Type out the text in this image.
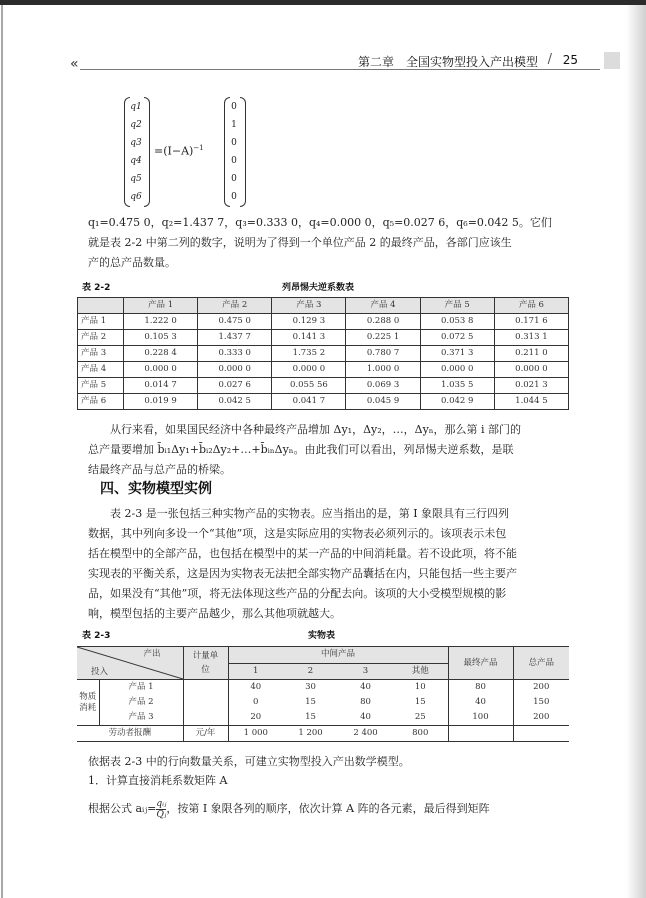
«	第二章　全国实物型投入产出模型 / 25
q1
q2
q3
q4
q5
q6
$=(I-A)^{-1}$
0
1
0
0
0
0
q₁=0.475 0，q₂=1.437 7，q₃=0.333 0，q₄=0.000 0，q₅=0.027 6，q₆=0.042 5。它们
就是表 2-2 中第二列的数字，说明为了得到一个单位产品 2 的最终产品，各部门应该生
产的总产品数量。
表 2-2	列昂惕夫逆系数表
	产品 1	产品 2	产品 3	产品 4	产品 5	产品 6
产品 1	1.222 0	0.475 0	0.129 3	0.288 0	0.053 8	0.171 6
产品 2	0.105 3	1.437 7	0.141 3	0.225 1	0.072 5	0.313 1
产品 3	0.228 4	0.333 0	1.735 2	0.780 7	0.371 3	0.211 0
产品 4	0.000 0	0.000 0	0.000 0	1.000 0	0.000 0	0.000 0
产品 5	0.014 7	0.027 6	0.055 56	0.069 3	1.035 5	0.021 3
产品 6	0.019 9	0.042 5	0.041 7	0.045 9	0.042 9	1.044 5
从行来看，如果国民经济中各种最终产品增加 Δy₁，Δy₂，…，Δyₙ，那么第 i 部门的
总产量要增加 b̄ᵢ₁Δy₁+b̄ᵢ₂Δy₂+…+b̄ᵢₙΔyₙ。由此我们可以看出，列昂惕夫逆系数，是联
结最终产品与总产品的桥梁。
四、实物模型实例
表 2-3 是一张包括三种实物产品的实物表。应当指出的是，第 Ⅰ 象限具有三行四列
数据，其中列向多设一个“其他”项，这是实际应用的实物表必须列示的。该项表示未包
括在模型中的全部产品，也包括在模型中的某一产品的中间消耗量。若不设此项，将不能
实现表的平衡关系，这是因为实物表无法把全部实物产品囊括在内，只能包括一些主要产
品，如果没有“其他”项，将无法体现这些产品的分配去向。该项的大小受模型规模的影
响，模型包括的主要产品越少，那么其他项就越大。
表 2-3	实物表
产出
投入		计量单位	中间产品				最终产品	总产品
			1	2	3	其他		
物质消耗	产品 1		40	30	40	10	80	200
	产品 2		0	15	80	15	40	150
	产品 3		20	15	40	25	100	200
劳动者报酬		元/年	1 000	1 200	2 400	800		
依据表 2-3 中的行向数量关系，可建立实物型投入产出数学模型。
1．计算直接消耗系数矩阵 A
根据公式 aᵢⱼ= $\frac{\text{qᵢⱼ}}{\text{Qⱼ}}$ ，按第 Ⅰ 象限各列的顺序，依次计算 A 阵的各元素，最后得到矩阵
